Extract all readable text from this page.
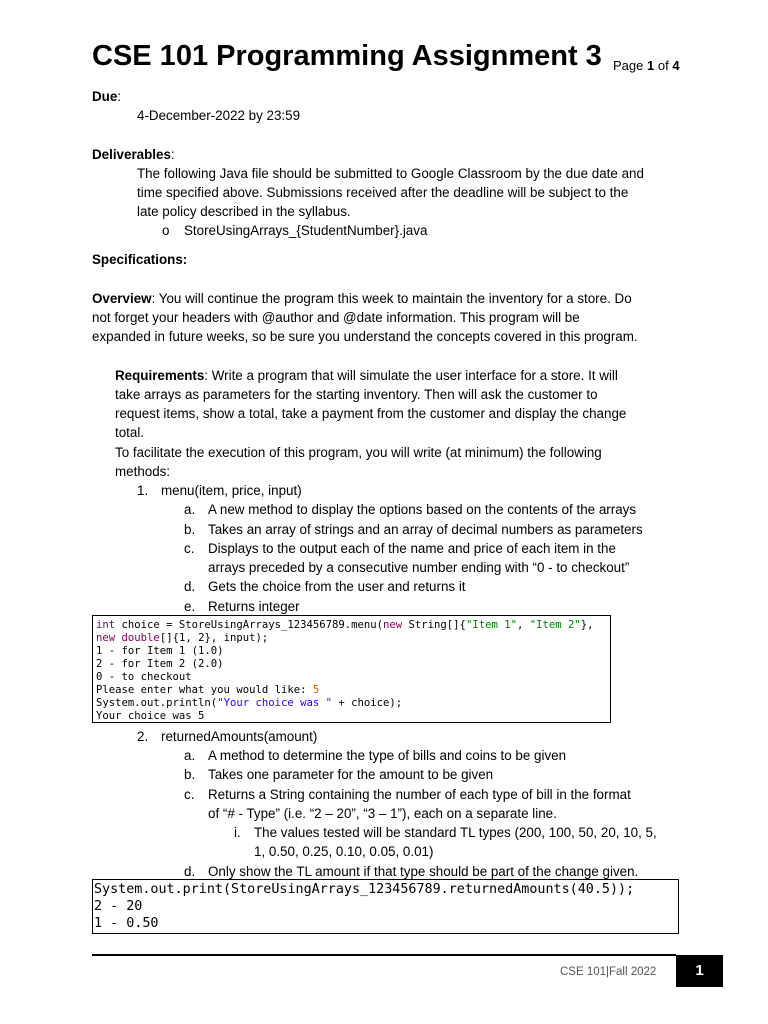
CSE 101 Programming Assignment 3 Page 1 of 4
Due:
4-December-2022 by 23:59
Deliverables:
The following Java file should be submitted to Google Classroom by the due date and
time specified above. Submissions received after the deadline will be subject to the
late policy described in the syllabus.
o StoreUsingArrays_{StudentNumber}.java
Specifications:
Overview: You will continue the program this week to maintain the inventory for a store. Do
not forget your headers with @author and @date information. This program will be
expanded in future weeks, so be sure you understand the concepts covered in this program.
Requirements: Write a program that will simulate the user interface for a store. It will
take arrays as parameters for the starting inventory. Then will ask the customer to
request items, show a total, take a payment from the customer and display the change
total.
To facilitate the execution of this program, you will write (at minimum) the following
methods:
1. menu(item, price, input)
a. A new method to display the options based on the contents of the arrays
b. Takes an array of strings and an array of decimal numbers as parameters
c. Displays to the output each of the name and price of each item in the
arrays preceded by a consecutive number ending with “0 - to checkout”
d. Gets the choice from the user and returns it
e. Returns integer
int choice = StoreUsingArrays_123456789.menu(new String[]{"Item 1", "Item 2"},
new double[]{1, 2}, input);
1 - for Item 1 (1.0)
2 - for Item 2 (2.0)
0 - to checkout
Please enter what you would like: 5
System.out.println("Your choice was " + choice);
Your choice was 5
2. returnedAmounts(amount)
a. A method to determine the type of bills and coins to be given
b. Takes one parameter for the amount to be given
c. Returns a String containing the number of each type of bill in the format
of “# - Type” (i.e. “2 – 20”, “3 – 1”), each on a separate line.
i. The values tested will be standard TL types (200, 100, 50, 20, 10, 5,
1, 0.50, 0.25, 0.10, 0.05, 0.01)
d. Only show the TL amount if that type should be part of the change given.
System.out.print(StoreUsingArrays_123456789.returnedAmounts(40.5));
2 - 20
1 - 0.50
CSE 101|Fall 2022	1
